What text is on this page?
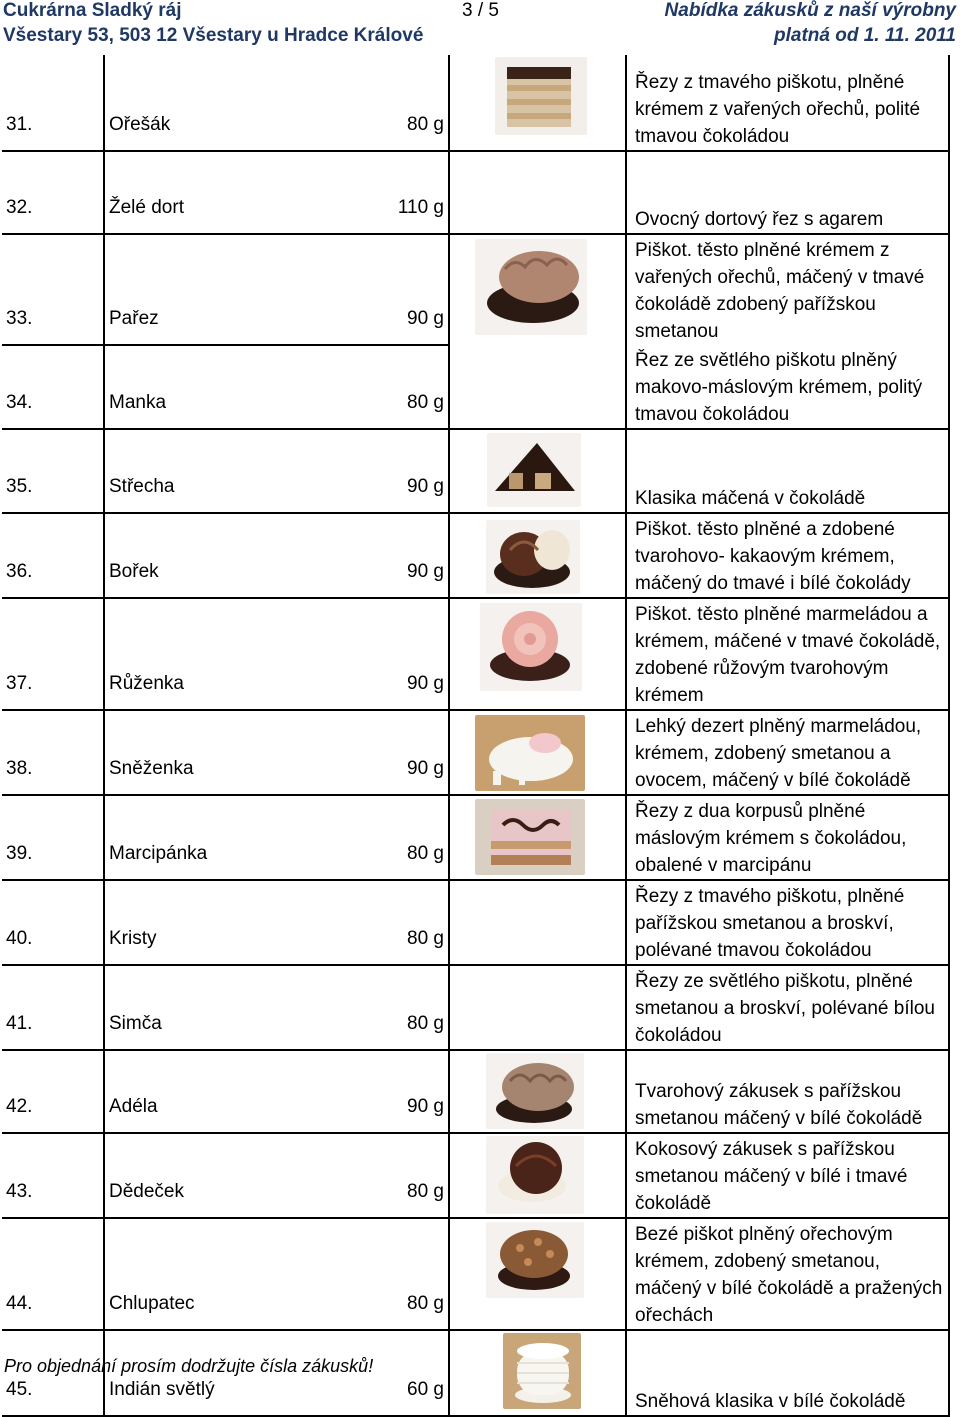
Cukrárna Sladký ráj
Všestary 53, 503 12 Všestary u Hradce Králové
3 / 5	Nabídka zákusků z naší výrobny
platná od 1. 11. 2011
31.	Ořešák	80 g		Řezy z tmavého piškotu, plněné krémem z vařených ořechů, polité tmavou čokoládou
32.	Želé dort	110 g		Ovocný dortový řez s agarem
33.	Pařez	90 g		Piškot. těsto plněné krémem z vařených ořechů, máčený v tmavé čokoládě zdobený pařížskou smetanou
34.	Manka	80 g		Řez ze světlého piškotu plněný makovo-máslovým krémem, politý tmavou čokoládou
35.	Střecha	90 g		Klasika máčená v čokoládě
36.	Bořek	90 g		Piškot. těsto plněné a zdobené tvarohovo- kakaovým krémem, máčený do tmavé i bílé čokolády
37.	Růženka	90 g		Piškot. těsto plněné marmeládou a krémem, máčené v tmavé čokoládě, zdobené růžovým tvarohovým krémem
38.	Sněženka	90 g		Lehký dezert plněný marmeládou, krémem, zdobený smetanou a ovocem, máčený v bílé čokoládě
39.	Marcipánka	80 g		Řezy z dua korpusů plněné máslovým krémem s čokoládou, obalené v marcipánu
40.	Kristy	80 g		Řezy z tmavého piškotu, plněné pařížskou smetanou a broskví, polévané tmavou čokoládou
41.	Simča	80 g		Řezy ze světlého piškotu, plněné smetanou a broskví, polévané bílou čokoládou
42.	Adéla	90 g		Tvarohový zákusek s pařížskou smetanou máčený v bílé čokoládě
43.	Dědeček	80 g		Kokosový zákusek s pařížskou smetanou máčený v bílé i tmavé čokoládě
44.	Chlupatec	80 g		Bezé piškot plněný ořechovým krémem, zdobený smetanou, máčený v bílé čokoládě a pražených ořechách
45.	Indián světlý	60 g		Sněhová klasika v bílé čokoládě
Pro objednání prosím dodržujte čísla zákusků!
